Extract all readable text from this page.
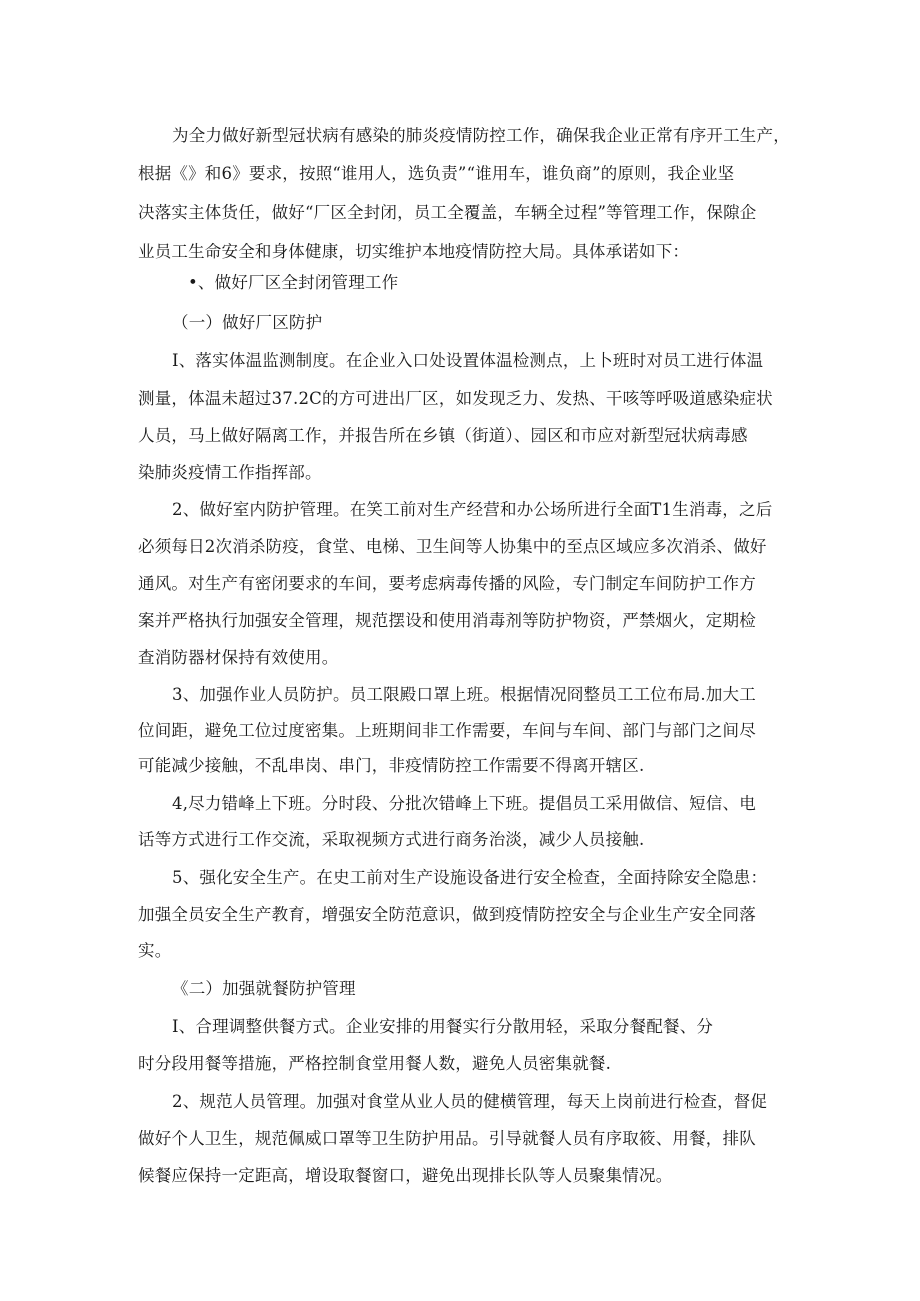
为全力做好新型冠状病有感染的肺炎疫情防控工作，确保我企业正常有序开工生产，
根据《》和6》要求，按照“谁用人，选负责”“谁用车，谁负商”的原则，我企业坚
决落实主体货任，做好“厂区全封闭，员工全覆盖，车辆全过程”等管理工作，保隙企
业员工生命安全和身体健康，切实维护本地疫情防控大局。具体承诺如下：
•、做好厂区全封闭管理工作
（一）做好厂区防护
I、落实体温监测制度。在企业入口处设置体温检测点，上卜班时对员工进行体温
测量，体温未超过37.2C的方可进出厂区，如发现乏力、发热、干咳等呼吸道感染症状
人员，马上做好隔离工作，并报告所在乡镇（街道）、园区和市应对新型冠状病毒感
染肺炎疫情工作指挥部。
2、做好室内防护管理。在笑工前对生产经营和办公场所进行全面T1生消毒，之后
必须每日2次消杀防疫，食堂、电梯、卫生间等人协集中的至点区域应多次消杀、做好
通风。对生产有密闭要求的车间，要考虑病毒传播的风险，专门制定车间防护工作方
案并严格执行加强安全管理，规范摆设和使用消毒剂等防护物资，严禁烟火，定期检
查消防器材保持有效使用。
3、加强作业人员防护。员工限殿口罩上班。根据情况冏整员工工位布局.加大工
位间距，避免工位过度密集。上班期间非工作需要，车间与车间、部门与部门之间尽
可能减少接触，不乱串岗、串门，非疫情防控工作需要不得离开辖区.
4,尽力错峰上下班。分时段、分批次错峰上下班。提倡员工采用做信、短信、电
话等方式进行工作交流，采取视频方式进行商务治淡，减少人员接触.
5、强化安全生产。在史工前对生产设施设备进行安全检查，全面持除安全隐患：
加强全员安全生产教育，增强安全防范意识，做到疫情防控安全与企业生产安全同落
实。
《二）加强就餐防护管理
I、合理调整供餐方式。企业安排的用餐实行分散用轻，采取分餐配餐、分
时分段用餐等措施，严格控制食堂用餐人数，避免人员密集就餐.
2、规范人员管理。加强对食堂从业人员的健横管理，每天上岗前进行检查，督促
做好个人卫生，规范佩威口罩等卫生防护用品。引导就餐人员有序取筱、用餐，排队
候餐应保持一定距高，增设取餐窗口，避免出现排长队等人员聚集情况。
